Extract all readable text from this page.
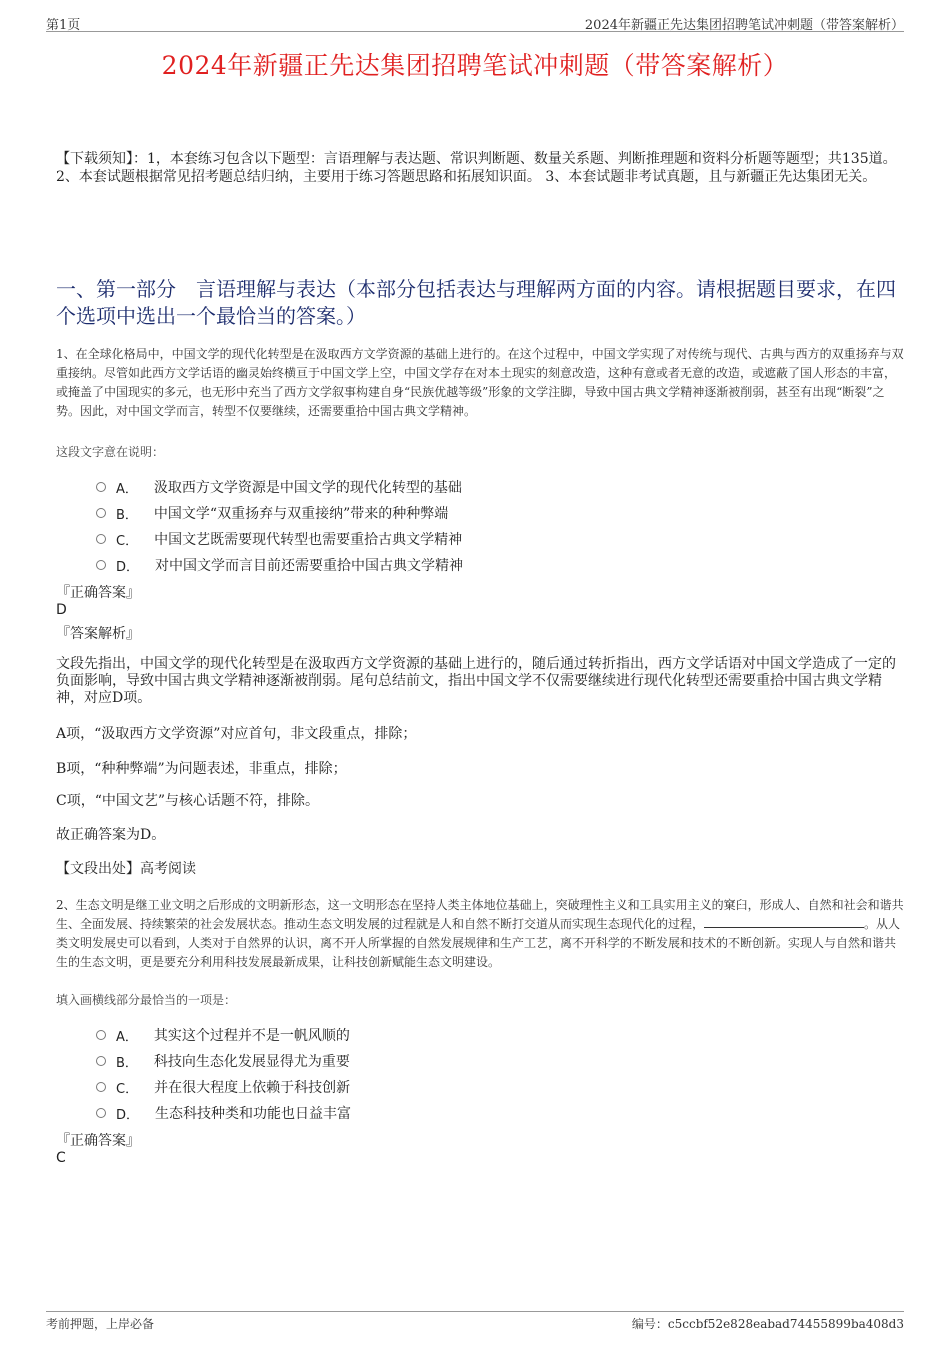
第1页	2024年新疆正先达集团招聘笔试冲刺题（带答案解析）
2024年新疆正先达集团招聘笔试冲刺题（带答案解析）
【下载须知】：1，本套练习包含以下题型：言语理解与表达题、常识判断题、数量关系题、判断推理题和资料分析题等题型；共135道。 2、本套试题根据常见招考题总结归纳，主要用于练习答题思路和拓展知识面。 3、本套试题非考试真题，且与新疆正先达集团无关。
一、第一部分　言语理解与表达（本部分包括表达与理解两方面的内容。请根据题目要求，在四个选项中选出一个最恰当的答案。）
1、在全球化格局中，中国文学的现代化转型是在汲取西方文学资源的基础上进行的。在这个过程中，中国文学实现了对传统与现代、古典与西方的双重扬弃与双重接纳。尽管如此西方文学话语的幽灵始终横亘于中国文学上空，中国文学存在对本土现实的刻意改造，这种有意或者无意的改造，或遮蔽了国人形态的丰富，或掩盖了中国现实的多元，也无形中充当了西方文学叙事构建自身“民族优越等级”形象的文学注脚，导致中国古典文学精神逐渐被削弱，甚至有出现“断裂”之势。因此，对中国文学而言，转型不仅要继续，还需要重拾中国古典文学精神。
这段文字意在说明：
A． 汲取西方文学资源是中国文学的现代化转型的基础
B． 中国文学“双重扬弃与双重接纳”带来的种种弊端
C． 中国文艺既需要现代转型也需要重拾古典文学精神
D． 对中国文学而言目前还需要重拾中国古典文学精神
『正确答案』
D
『答案解析』
文段先指出，中国文学的现代化转型是在汲取西方文学资源的基础上进行的，随后通过转折指出，西方文学话语对中国文学造成了一定的负面影响，导致中国古典文学精神逐渐被削弱。尾句总结前文，指出中国文学不仅需要继续进行现代化转型还需要重拾中国古典文学精神，对应D项。
A项，“汲取西方文学资源”对应首句，非文段重点，排除；
B项，“种种弊端”为问题表述，非重点，排除；
C项，“中国文艺”与核心话题不符，排除。
故正确答案为D。
【文段出处】高考阅读
2、生态文明是继工业文明之后形成的文明新形态，这一文明形态在坚持人类主体地位基础上，突破理性主义和工具实用主义的窠臼，形成人、自然和社会和谐共生、全面发展、持续繁荣的社会发展状态。推动生态文明发展的过程就是人和自然不断打交道从而实现生态现代化的过程，	。从人类文明发展史可以看到，人类对于自然界的认识，离不开人所掌握的自然发展规律和生产工艺，离不开科学的不断发展和技术的不断创新。实现人与自然和谐共生的生态文明，更是要充分利用科技发展最新成果，让科技创新赋能生态文明建设。
填入画横线部分最恰当的一项是：
A． 其实这个过程并不是一帆风顺的
B． 科技向生态化发展显得尤为重要
C． 并在很大程度上依赖于科技创新
D． 生态科技种类和功能也日益丰富
『正确答案』
C
考前押题，上岸必备	编号：c5ccbf52e828eabad74455899ba408d3
